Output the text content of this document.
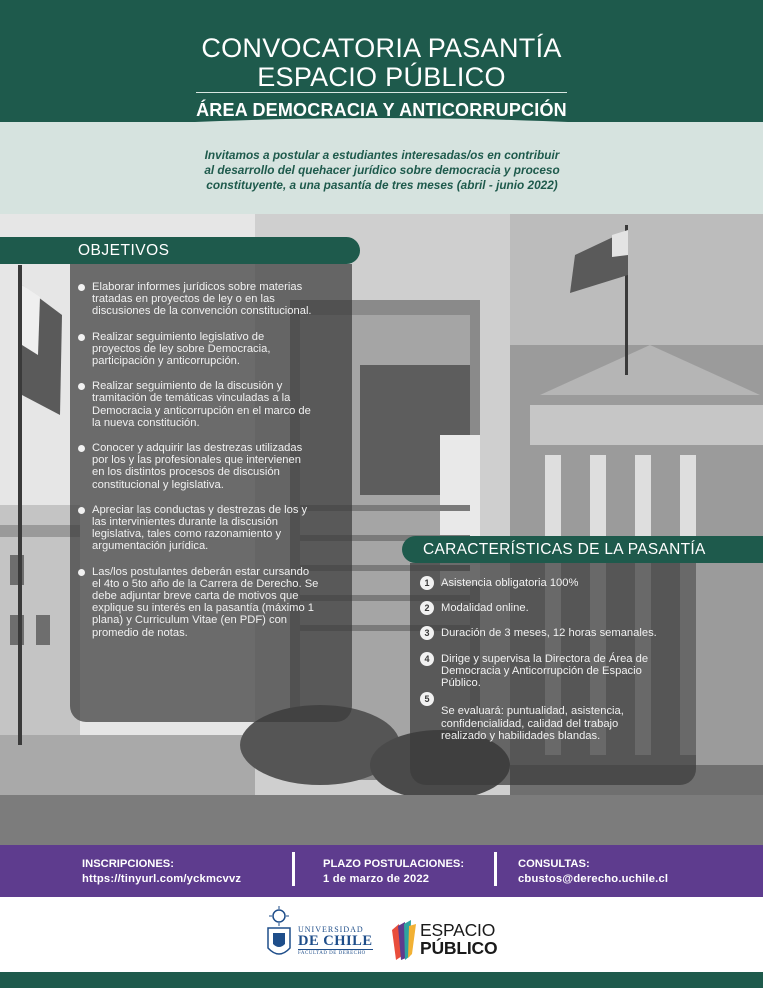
CONVOCATORIA PASANTÍA
ESPACIO PÚBLICO
ÁREA DEMOCRACIA Y ANTICORRUPCIÓN
Invitamos a postular a estudiantes interesadas/os en contribuir
al desarrollo del quehacer jurídico sobre democracia y proceso
constituyente, a una pasantía de tres meses (abril - junio 2022)
OBJETIVOS
Elaborar informes jurídicos sobre materias
tratadas en proyectos de ley o en las
discusiones de la convención constitucional.
Realizar seguimiento legislativo de
proyectos de ley sobre Democracia,
participación y anticorrupción.
Realizar seguimiento de la discusión y
tramitación de temáticas vinculadas a la
Democracia y anticorrupción en el marco de
la nueva constitución.
Conocer y adquirir las destrezas utilizadas
por los y las profesionales que intervienen
en los distintos procesos de discusión
constitucional y legislativa.
Apreciar las conductas y destrezas de los y
las intervinientes durante la discusión
legislativa, tales como razonamiento y
argumentación jurídica.
Las/los postulantes deberán estar cursando
el 4to o 5to año de la Carrera de Derecho. Se
debe adjuntar breve carta de motivos que
explique su interés en la pasantía (máximo 1
plana) y Curriculum Vitae (en PDF) con
promedio de notas.
CARACTERÍSTICAS DE LA PASANTÍA
1	Asistencia obligatoria 100%
2	Modalidad online.
3	Duración de 3 meses, 12 horas semanales.
4	Dirige y supervisa la Directora de Área de
Democracia y Anticorrupción de Espacio
Público.
5

Se evaluará: puntualidad, asistencia,
confidencialidad, calidad del trabajo
realizado y habilidades blandas.
INSCRIPCIONES:
https://tinyurl.com/yckmcvvz
PLAZO POSTULACIONES:
1 de marzo de 2022
CONSULTAS:
cbustos@derecho.uchile.cl
UNIVERSIDAD
DE CHILE
FACULTAD DE DERECHO
ESPACIO
PÚBLICO
